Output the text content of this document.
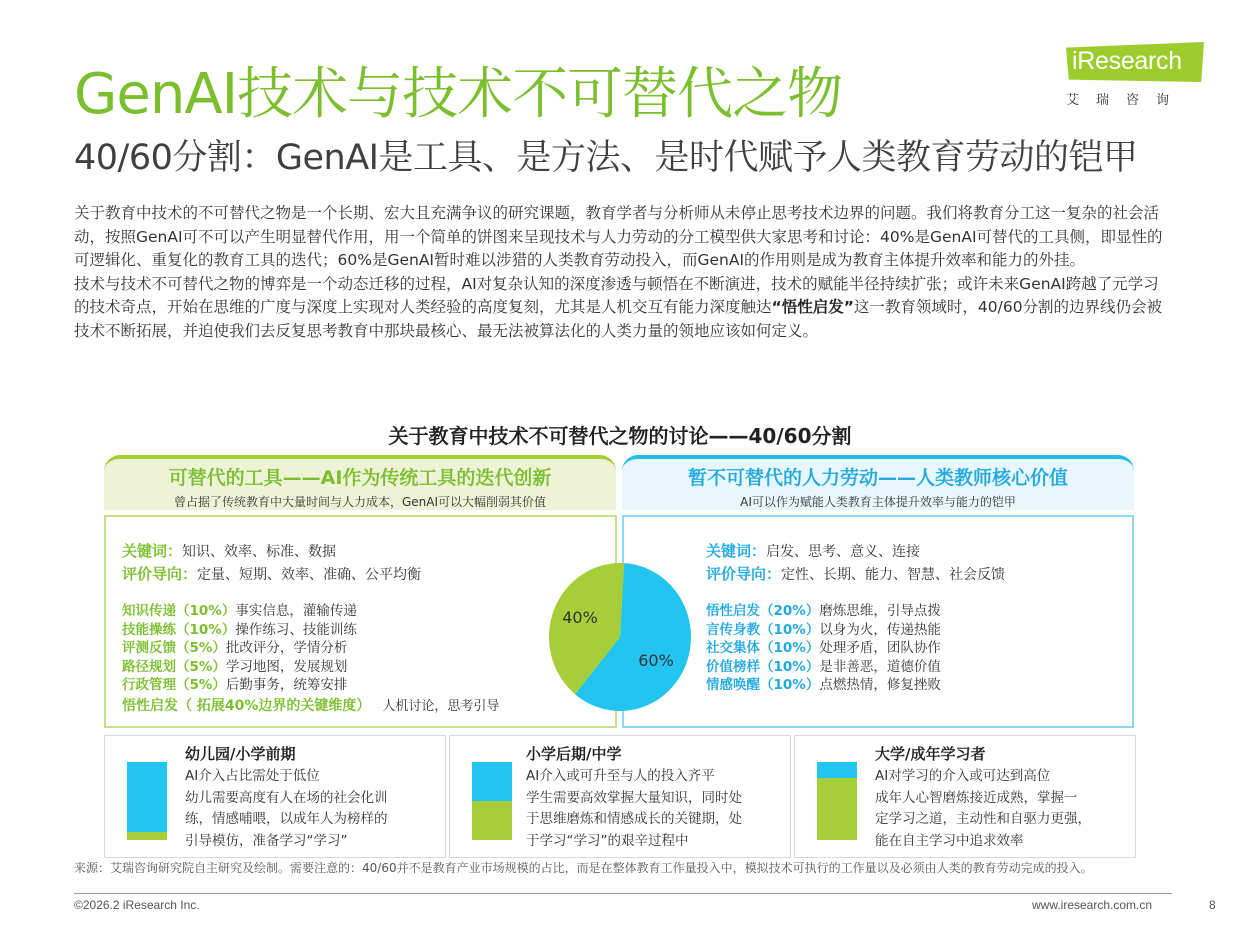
GenAI技术与技术不可替代之物
40/60分割：GenAI是工具、是方法、是时代赋予人类教育劳动的铠甲
iResearch
艾瑞咨询

关于教育中技术的不可替代之物是一个长期、宏大且充满争议的研究课题，教育学者与分析师从未停止思考技术边界的问题。我们将教育分工这一复杂的社会活动，按照GenAI可不可以产生明显替代作用，用一个简单的饼图来呈现技术与人力劳动的分工模型供大家思考和讨论：40%是GenAI可替代的工具侧，即显性的可逻辑化、重复化的教育工具的迭代；60%是GenAI暂时难以涉猎的人类教育劳动投入，而GenAI的作用则是成为教育主体提升效率和能力的外挂。

技术与技术不可替代之物的博弈是一个动态迁移的过程，AI对复杂认知的深度渗透与顿悟在不断演进，技术的赋能半径持续扩张；或许未来GenAI跨越了元学习的技术奇点，开始在思维的广度与深度上实现对人类经验的高度复刻，尤其是人机交互有能力深度触达“悟性启发”这一教育领域时，40/60分割的边界线仍会被技术不断拓展，并迫使我们去反复思考教育中那块最核心、最无法被算法化的人类力量的领地应该如何定义。

关于教育中技术不可替代之物的讨论——40/60分割
可替代的工具——AI作为传统工具的迭代创新
曾占据了传统教育中大量时间与人力成本，GenAI可以大幅削弱其价值
暂不可替代的人力劳动——人类教师核心价值
AI可以作为赋能人类教育主体提升效率与能力的铠甲
关键词：知识、效率、标准、数据
评价导向：定量、短期、效率、准确、公平均衡
知识传递（10%）事实信息，灌输传递
技能操练（10%）操作练习、技能训练
评测反馈（5%）批改评分，学情分析
路径规划（5%）学习地图，发展规划
行政管理（5%）后勤事务，统筹安排
悟性启发（ 拓展40%边界的关键维度） 人机讨论，思考引导
关键词：启发、思考、意义、连接
评价导向：定性、长期、能力、智慧、社会反馈
悟性启发（20%）磨炼思维，引导点拨
言传身教（10%）以身为火，传递热能
社交集体（10%）处理矛盾，团队协作
价值榜样（10%）是非善恶，道德价值
情感唤醒（10%）点燃热情，修复挫败
40%
60%
幼儿园/小学前期
AI介入占比需处于低位
幼儿需要高度有人在场的社会化训
练，情感哺喂，以成年人为榜样的
引导模仿，准备学习“学习”
小学后期/中学
AI介入或可升至与人的投入齐平
学生需要高效掌握大量知识，同时处
于思维磨炼和情感成长的关键期，处
于学习“学习”的艰辛过程中
大学/成年学习者
AI对学习的介入或可达到高位
成年人心智磨炼接近成熟，掌握一
定学习之道，主动性和自驱力更强，
能在自主学习中追求效率
来源：艾瑞咨询研究院自主研究及绘制。需要注意的：40/60并不是教育产业市场规模的占比，而是在整体教育工作量投入中，模拟技术可执行的工作量以及必须由人类的教育劳动完成的投入。
©2026.2 iResearch Inc.	www.iresearch.com.cn	8
